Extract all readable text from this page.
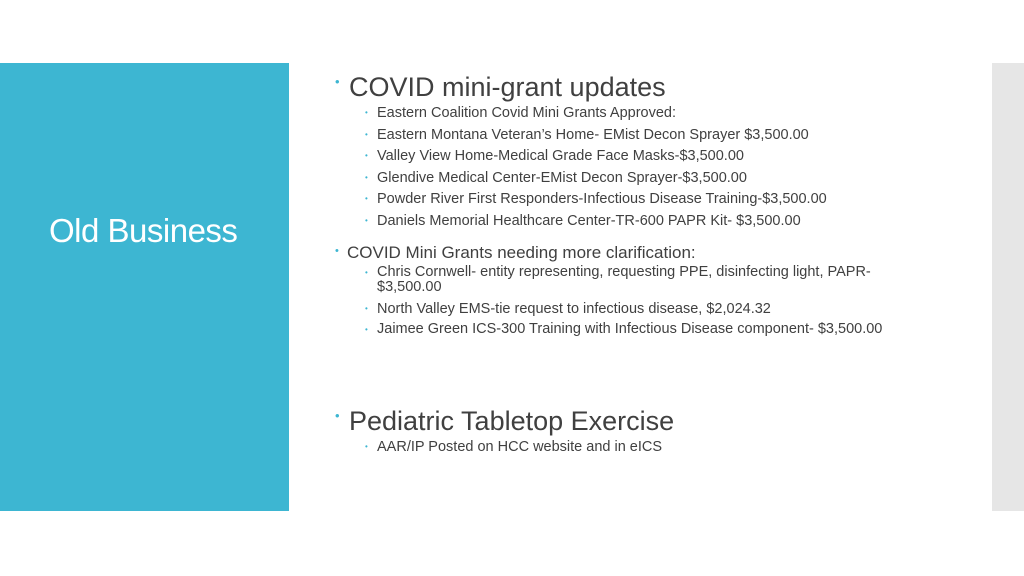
Old Business
• COVID mini-grant updates
• Eastern Coalition Covid Mini Grants Approved:
• Eastern Montana Veteran’s Home- EMist Decon Sprayer $3,500.00
• Valley View Home-Medical Grade Face Masks-$3,500.00
• Glendive Medical Center-EMist Decon Sprayer-$3,500.00
• Powder River First Responders-Infectious Disease Training-$3,500.00
• Daniels Memorial Healthcare Center-TR-600 PAPR Kit- $3,500.00
• COVID Mini Grants needing more clarification:
• Chris Cornwell- entity representing, requesting PPE, disinfecting light, PAPR- $3,500.00
• North Valley EMS-tie request to infectious disease, $2,024.32
• Jaimee Green ICS-300 Training with Infectious Disease component- $3,500.00
• Pediatric Tabletop Exercise
• AAR/IP Posted on HCC website and in eICS
